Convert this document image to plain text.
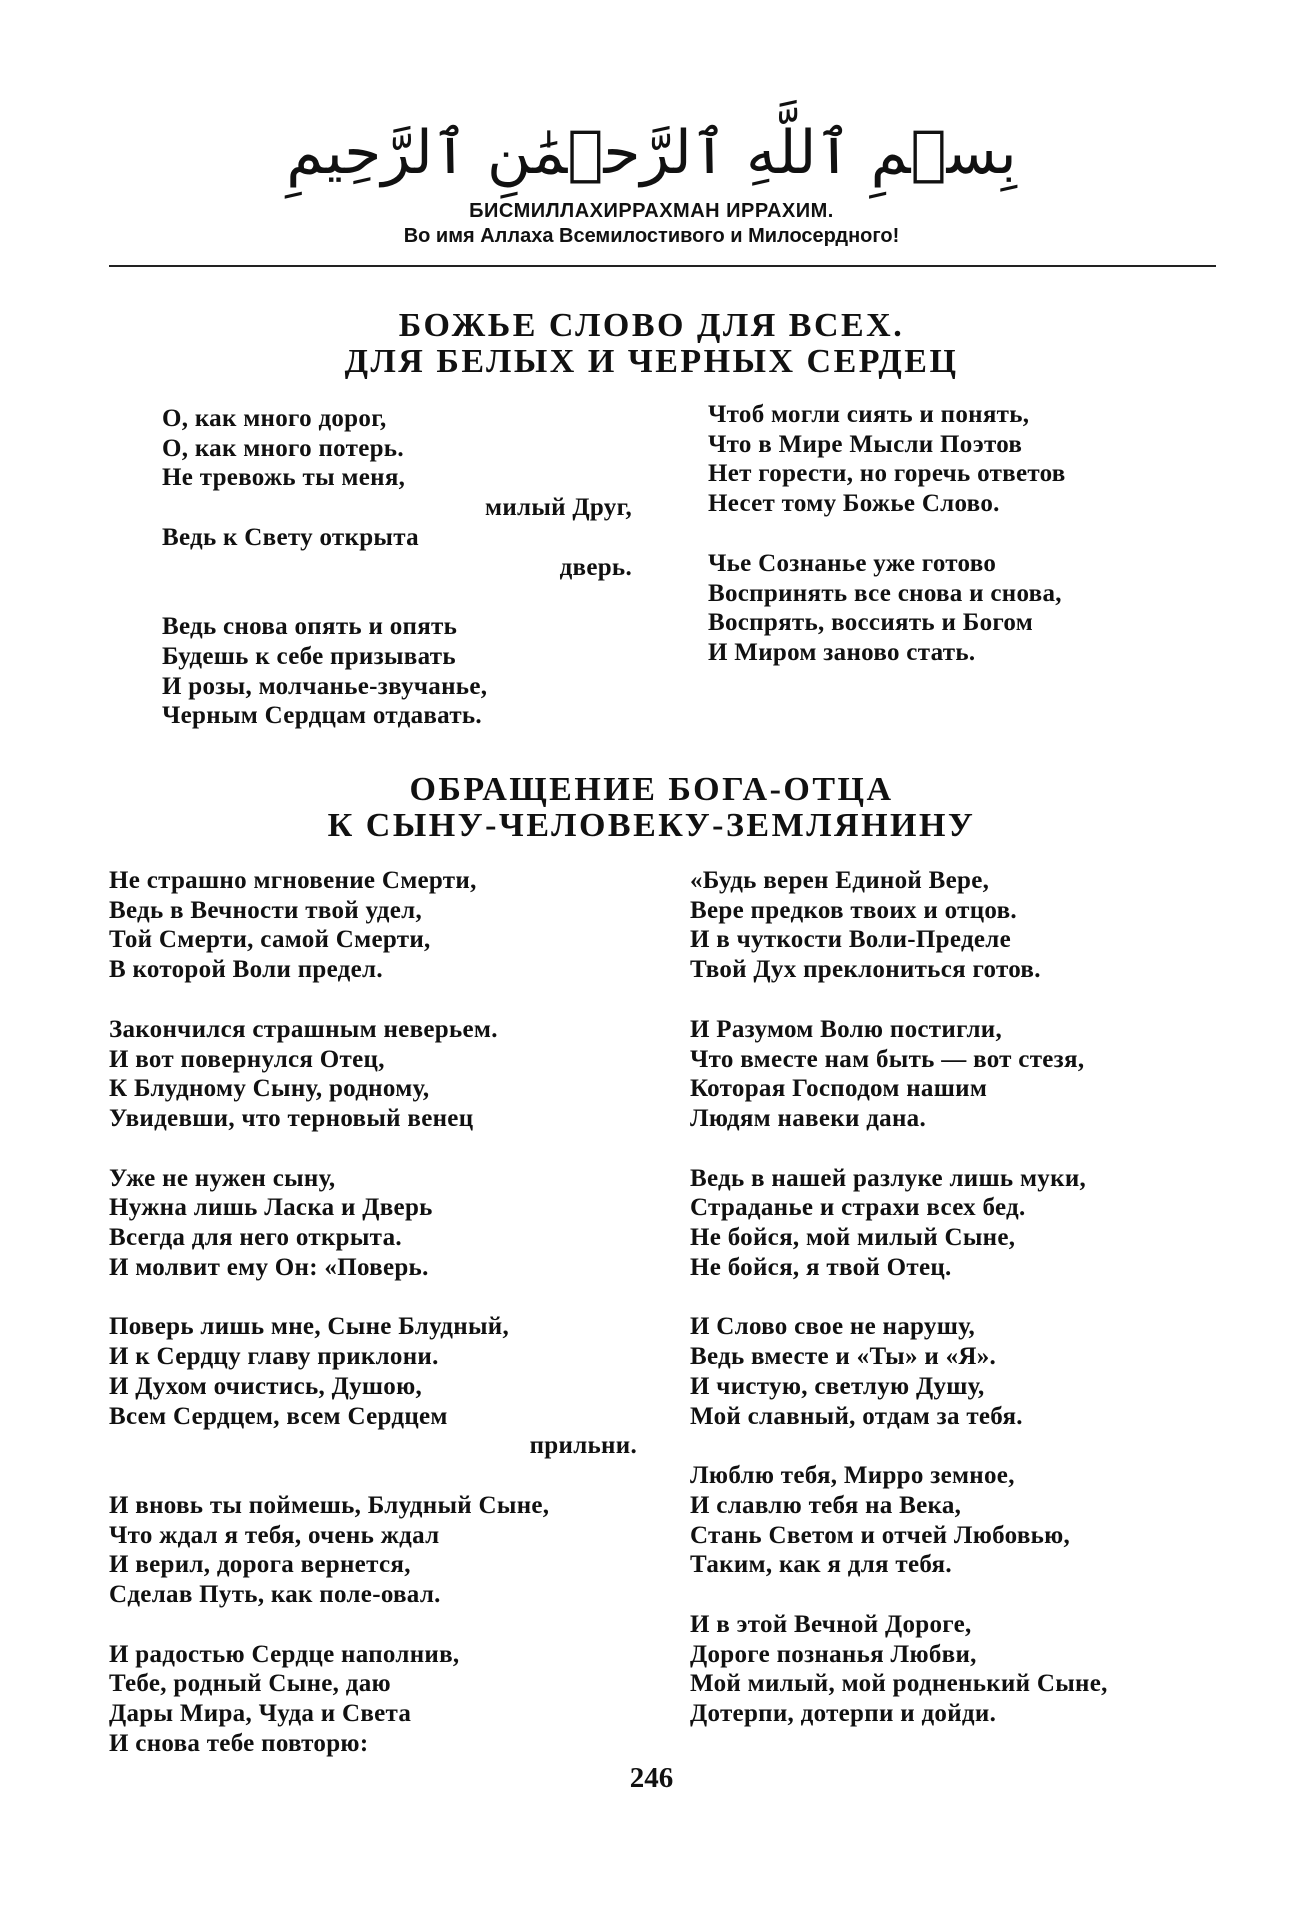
بِسۡمِ ٱللَّهِ ٱلرَّحۡمَٰنِ ٱلرَّحِيمِ
БИСМИЛЛАХИРРАХМАН ИРРАХИМ.
Во имя Аллаха Всемилостивого и Милосердного!
БОЖЬЕ СЛОВО ДЛЯ ВСЕХ.
ДЛЯ БЕЛЫХ И ЧЕРНЫХ СЕРДЕЦ
О, как много дорог,
О, как много потерь.
Не тревожь ты меня,
милый Друг,
Ведь к Свету открыта
дверь.
Ведь снова опять и опять
Будешь к себе призывать
И розы, молчанье-звучанье,
Черным Сердцам отдавать.
Чтоб могли сиять и понять,
Что в Мире Мысли Поэтов
Нет горести, но горечь ответов
Несет тому Божье Слово.
Чье Сознанье уже готово
Воспринять все снова и снова,
Воспрять, воссиять и Богом
И Миром заново стать.
ОБРАЩЕНИЕ БОГА-ОТЦА
К СЫНУ-ЧЕЛОВЕКУ-ЗЕМЛЯНИНУ
Не страшно мгновение Смерти,
Ведь в Вечности твой удел,
Той Смерти, самой Смерти,
В которой Воли предел.
Закончился страшным неверьем.
И вот повернулся Отец,
К Блудному Сыну, родному,
Увидевши, что терновый венец
Уже не нужен сыну,
Нужна лишь Ласка и Дверь
Всегда для него открыта.
И молвит ему Он: «Поверь.
Поверь лишь мне, Сыне Блудный,
И к Сердцу главу приклони.
И Духом очистись, Душою,
Всем Сердцем, всем Сердцем
прильни.
И вновь ты поймешь, Блудный Сыне,
Что ждал я тебя, очень ждал
И верил, дорога вернется,
Сделав Путь, как поле-овал.
И радостью Сердце наполнив,
Тебе, родный Сыне, даю
Дары Мира, Чуда и Света
И снова тебе повторю:
«Будь верен Единой Вере,
Вере предков твоих и отцов.
И в чуткости Воли-Пределе
Твой Дух преклониться готов.
И Разумом Волю постигли,
Что вместе нам быть — вот стезя,
Которая Господом нашим
Людям навеки дана.
Ведь в нашей разлуке лишь муки,
Страданье и страхи всех бед.
Не бойся, мой милый Сыне,
Не бойся, я твой Отец.
И Слово свое не нарушу,
Ведь вместе и «Ты» и «Я».
И чистую, светлую Душу,
Мой славный, отдам за тебя.
Люблю тебя, Мирро земное,
И славлю тебя на Века,
Стань Светом и отчей Любовью,
Таким, как я для тебя.
И в этой Вечной Дороге,
Дороге познанья Любви,
Мой милый, мой родненький Сыне,
Дотерпи, дотерпи и дойди.
246
